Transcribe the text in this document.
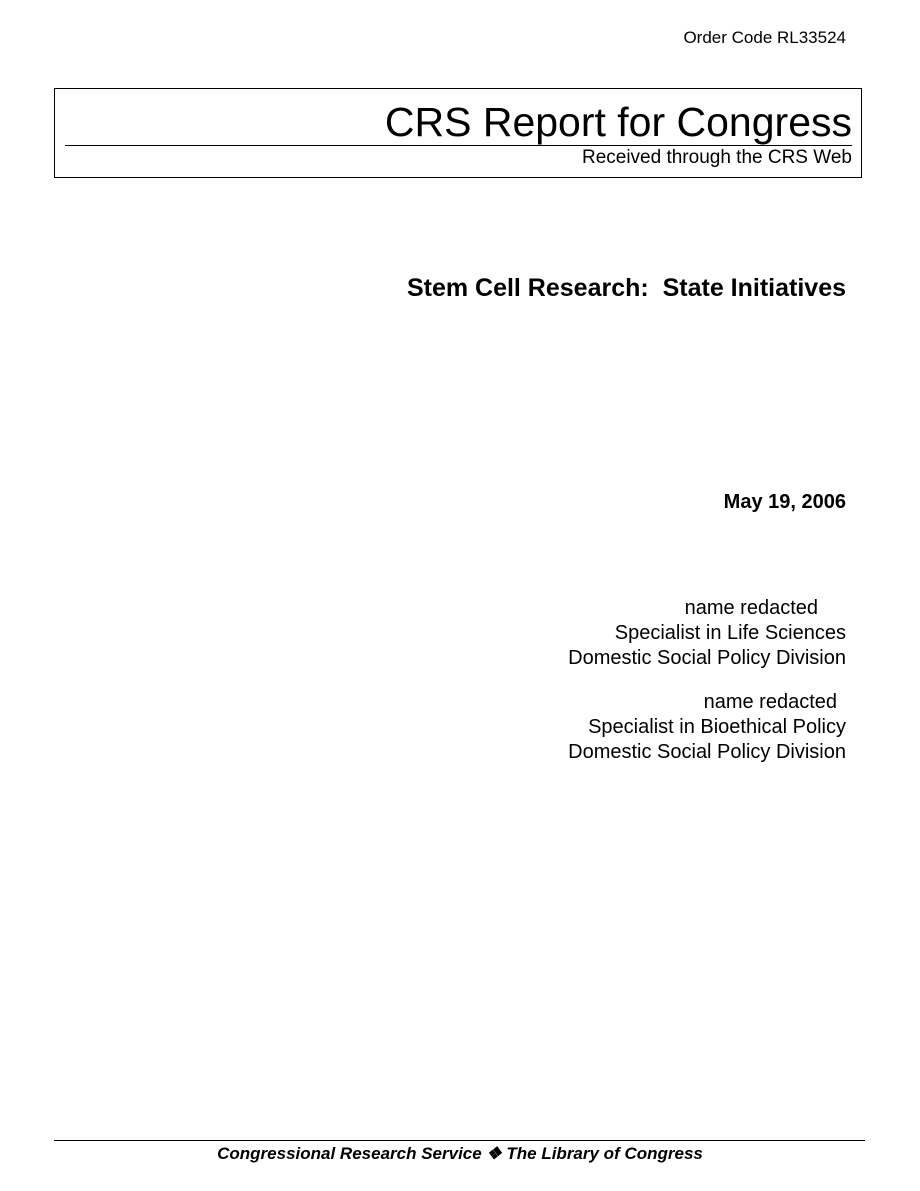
Order Code RL33524
CRS Report for Congress
Received through the CRS Web
Stem Cell Research:  State Initiatives
May 19, 2006
name redacted
Specialist in Life Sciences
Domestic Social Policy Division
name redacted
Specialist in Bioethical Policy
Domestic Social Policy Division
Congressional Research Service ❖ The Library of Congress
